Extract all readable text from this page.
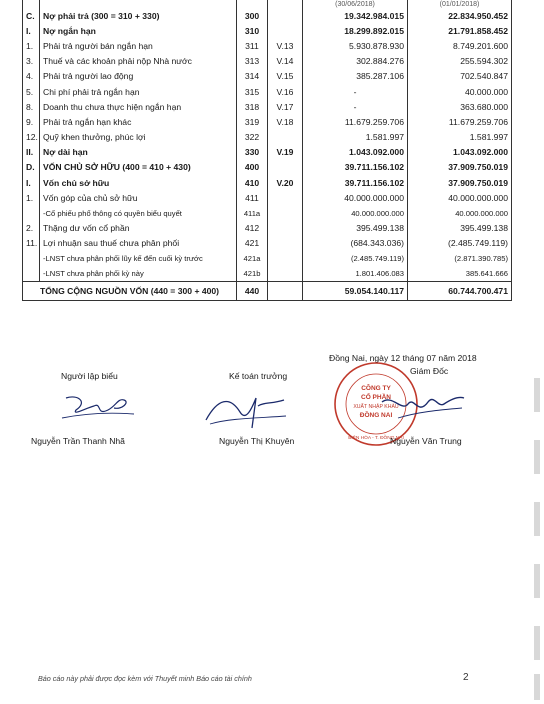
				(30/06/2018)	(01/01/2018)
C.	Nợ phải trả (300 = 310 + 330)	300		19.342.984.015	22.834.950.452
I.	Nợ ngắn hạn	310		18.299.892.015	21.791.858.452
1.	Phải trả người bán ngắn hạn	311	V.13	5.930.878.930	8.749.201.600
3.	Thuế và các khoản phải nộp Nhà nước	313	V.14	302.884.276	255.594.302
4.	Phải trả người lao động	314	V.15	385.287.106	702.540.847
5.	Chi phí phải trả ngắn hạn	315	V.16	-	40.000.000
8.	Doanh thu chưa thực hiện ngắn hạn	318	V.17	-	363.680.000
9.	Phải trả ngắn hạn khác	319	V.18	11.679.259.706	11.679.259.706
12.	Quỹ khen thưởng, phúc lợi	322		1.581.997	1.581.997
II.	Nợ dài hạn	330	V.19	1.043.092.000	1.043.092.000
D.	VỐN CHỦ SỞ HỮU (400 = 410 + 430)	400		39.711.156.102	37.909.750.019
I.	Vốn chủ sở hữu	410	V.20	39.711.156.102	37.909.750.019
1.	Vốn góp của chủ sở hữu	411		40.000.000.000	40.000.000.000
	-Cổ phiếu phổ thông có quyền biểu quyết	411a		40.000.000.000	40.000.000.000
2.	Thặng dư vốn cổ phần	412		395.499.138	395.499.138
11.	Lợi nhuận sau thuế chưa phân phối	421		(684.343.036)	(2.485.749.119)
	-LNST chưa phân phối lũy kế đến cuối kỳ trước	421a		(2.485.749.119)	(2.871.390.785)
	-LNST chưa phân phối kỳ này	421b		1.801.406.083	385.641.666
TỔNG CỘNG NGUỒN VỐN (440 = 300 + 400)		440		59.054.140.117	60.744.700.471
Đồng Nai, ngày 12 tháng 07 năm 2018
Người lập biểu	Kế toán trưởng	Giám Đốc
CÔNG TY
CỔ PHẦN
XUẤT NHẬP KHẨU
ĐỒNG NAI
BIÊN HÒA - T. ĐỒNG NAI
Nguyễn Trần Thanh Nhã	Nguyễn Thị Khuyên	Nguyễn Văn Trung
Báo cáo này phải được đọc kèm với Thuyết minh Báo cáo tài chính	2
